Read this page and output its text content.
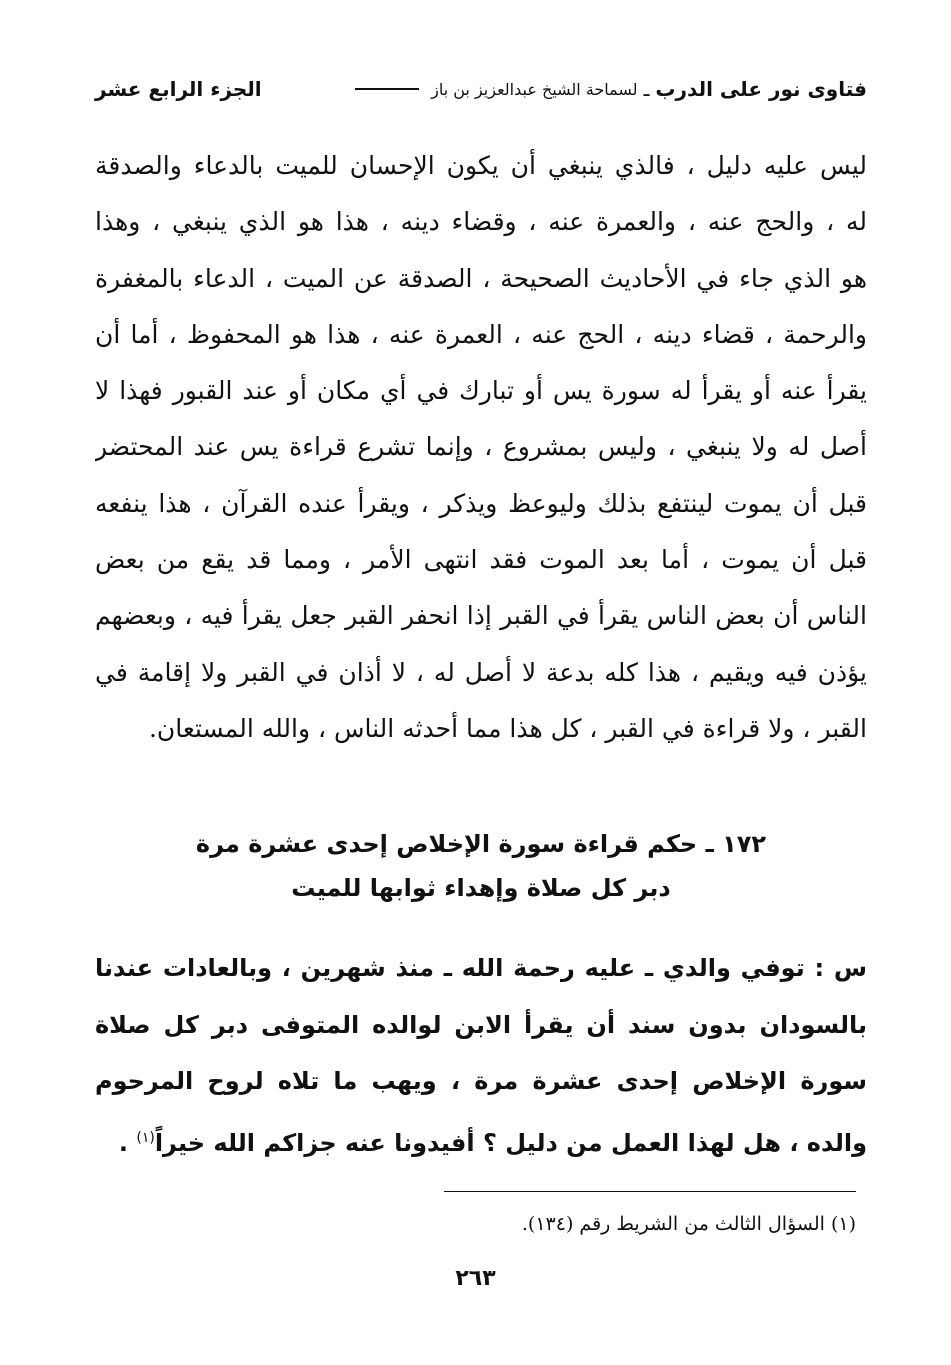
فتاوى نور على الدرب
ـ
لسماحة الشيخ عبدالعزيز بن باز
الجزء الرابع عشر
ليس عليه دليل ، فالذي ينبغي أن يكون الإحسان للميت بالدعاء والصدقة
له ، والحج عنه ، والعمرة عنه ، وقضاء دينه ، هذا هو الذي ينبغي ، وهذا
هو الذي جاء في الأحاديث الصحيحة ، الصدقة عن الميت ، الدعاء بالمغفرة
والرحمة ، قضاء دينه ، الحج عنه ، العمرة عنه ، هذا هو المحفوظ ، أما أن
يقرأ عنه أو يقرأ له سورة يس أو تبارك في أي مكان أو عند القبور فهذا لا
أصل له ولا ينبغي ، وليس بمشروع ، وإنما تشرع قراءة يس عند المحتضر
قبل أن يموت لينتفع بذلك وليوعظ ويذكر ، ويقرأ عنده القرآن ، هذا ينفعه
قبل أن يموت ، أما بعد الموت فقد انتهى الأمر ، ومما قد يقع من بعض
الناس أن بعض الناس يقرأ في القبر إذا انحفر القبر جعل يقرأ فيه ، وبعضهم
يؤذن فيه ويقيم ، هذا كله بدعة لا أصل له ، لا أذان في القبر ولا إقامة في
القبر ، ولا قراءة في القبر ، كل هذا مما أحدثه الناس ، والله المستعان.
١٧٢ ـ حكم قراءة سورة الإخلاص إحدى عشرة مرة
دبر كل صلاة وإهداء ثوابها للميت
س : توفي والدي ـ عليه رحمة الله ـ منذ شهرين ، وبالعادات عندنا
بالسودان بدون سند أن يقرأ الابن لوالده المتوفى دبر كل صلاة
سورة الإخلاص إحدى عشرة مرة ، ويهب ما تلاه لروح المرحوم
والده ، هل لهذا العمل من دليل ؟ أفيدونا عنه جزاكم الله خيراً$^{(١)}$ .
(١) السؤال الثالث من الشريط رقم (١٣٤).
٢٦٣
